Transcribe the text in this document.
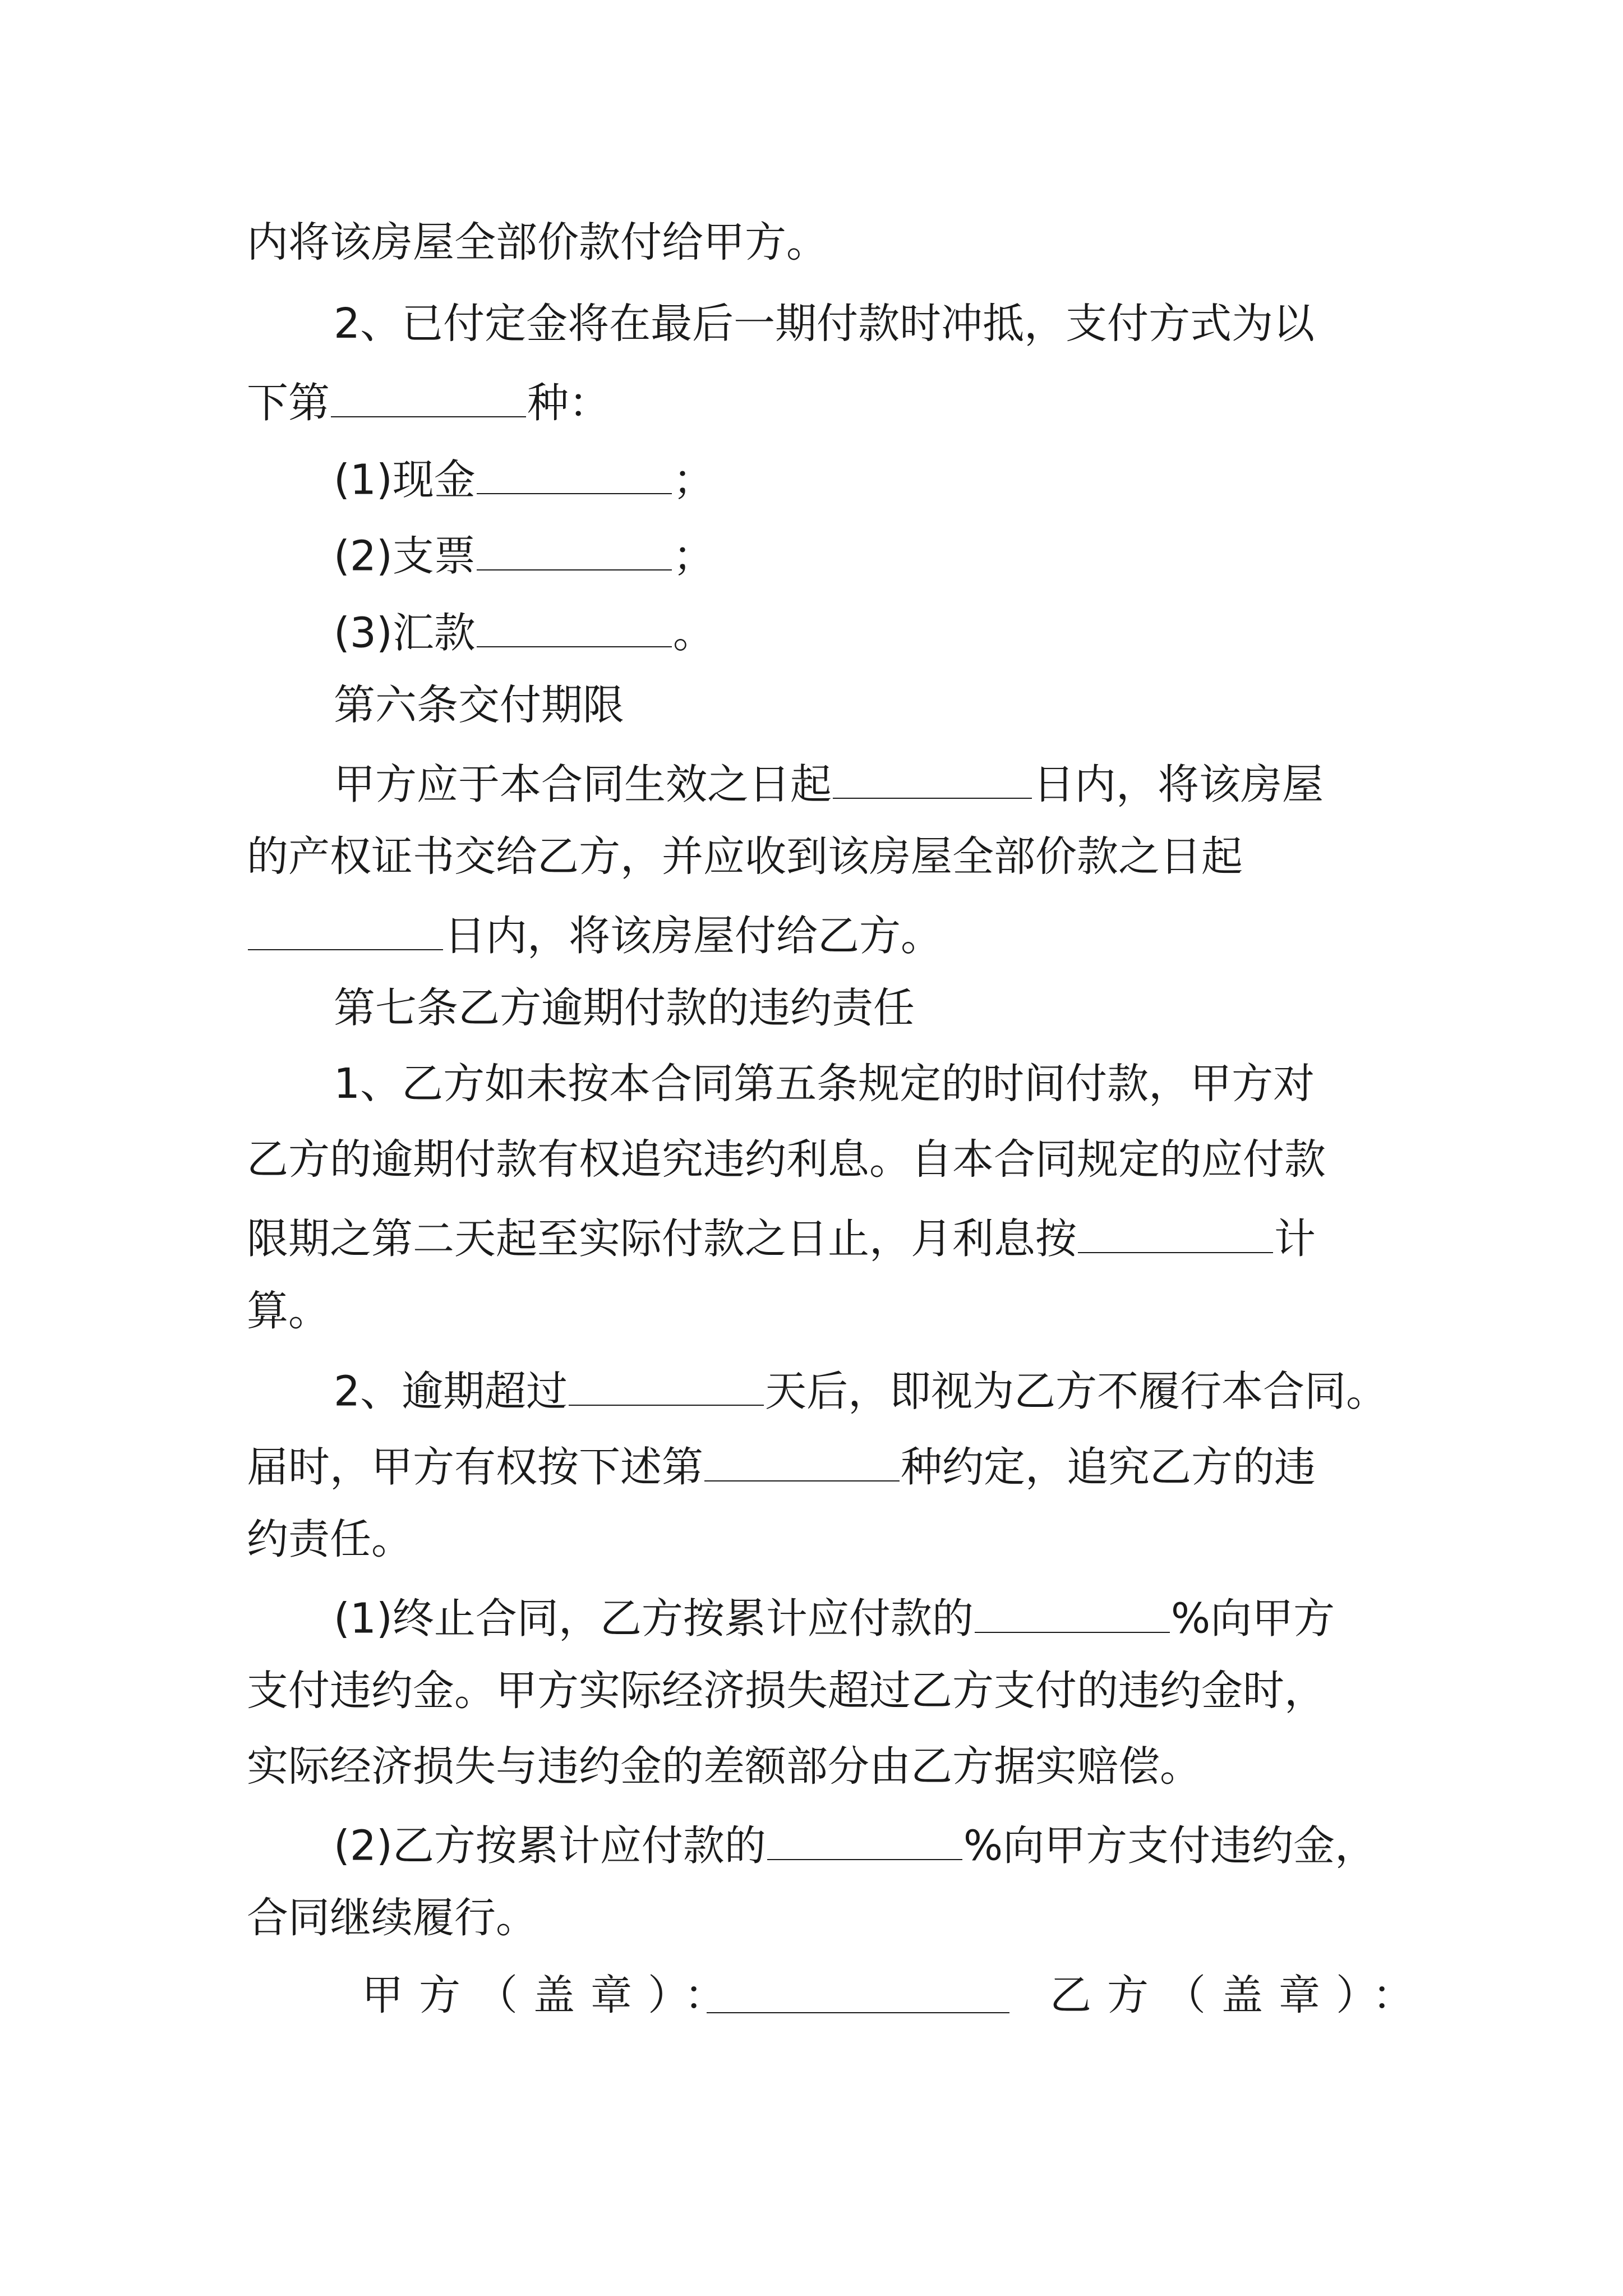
内将该房屋全部价款付给甲方。
2、已付定金将在最后一期付款时冲抵，支付方式为以
下第	种：
(1)现金	；
(2)支票	；
(3)汇款	。
第六条交付期限
甲方应于本合同生效之日起	日内，将该房屋
的产权证书交给乙方，并应收到该房屋全部价款之日起
日内，将该房屋付给乙方。
第七条乙方逾期付款的违约责任
1、乙方如未按本合同第五条规定的时间付款，甲方对
乙方的逾期付款有权追究违约利息。自本合同规定的应付款
限期之第二天起至实际付款之日止，月利息按	计
算。
2、逾期超过	天后，即视为乙方不履行本合同。
届时，甲方有权按下述第	种约定，追究乙方的违
约责任。
(1)终止合同，乙方按累计应付款的	%向甲方
支付违约金。甲方实际经济损失超过乙方支付的违约金时，
实际经济损失与违约金的差额部分由乙方据实赔偿。
(2)乙方按累计应付款的	%向甲方支付违约金，
合同继续履行。
甲方（盖章）：	乙方（盖章）：
